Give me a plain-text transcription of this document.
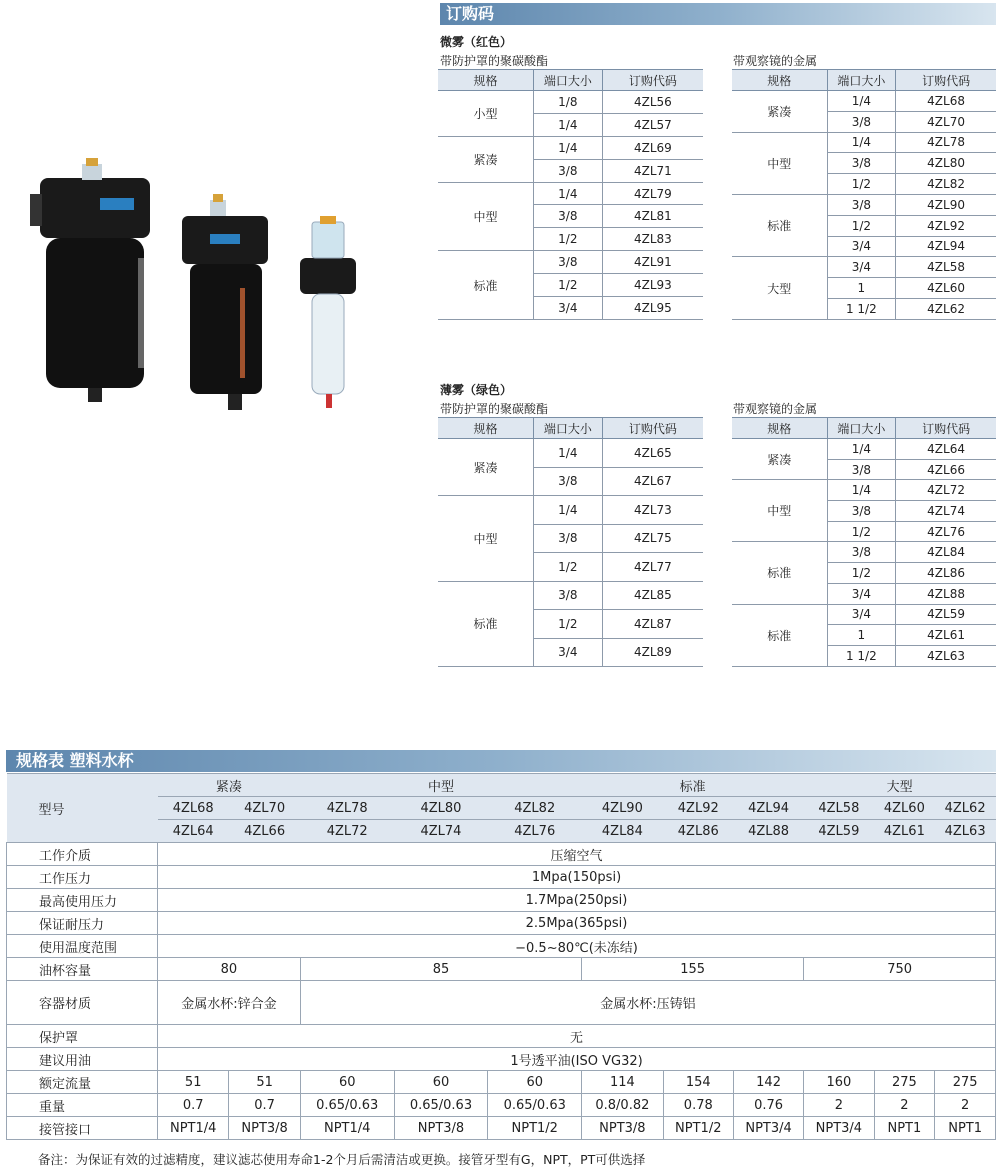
订购码
微雾（红色）
带防护罩的聚碳酸酯	带观察镜的金属
规格	端口大小	订购代码
小型	1/8	4ZL56
	1/4	4ZL57
紧凑	1/4	4ZL69
	3/8	4ZL71
中型	1/4	4ZL79
	3/8	4ZL81
	1/2	4ZL83
标准	3/8	4ZL91
	1/2	4ZL93
	3/4	4ZL95
规格	端口大小	订购代码
紧凑	1/4	4ZL68
	3/8	4ZL70
中型	1/4	4ZL78
	3/8	4ZL80
	1/2	4ZL82
标准	3/8	4ZL90
	1/2	4ZL92
	3/4	4ZL94
大型	3/4	4ZL58
	1	4ZL60
	1 1/2	4ZL62
薄雾（绿色）
带防护罩的聚碳酸酯	带观察镜的金属
规格	端口大小	订购代码
紧凑	1/4	4ZL65
	3/8	4ZL67
中型	1/4	4ZL73
	3/8	4ZL75
	1/2	4ZL77
标准	3/8	4ZL85
	1/2	4ZL87
	3/4	4ZL89
规格	端口大小	订购代码
紧凑	1/4	4ZL64
	3/8	4ZL66
中型	1/4	4ZL72
	3/8	4ZL74
	1/2	4ZL76
标准	3/8	4ZL84
	1/2	4ZL86
	3/4	4ZL88
标准	3/4	4ZL59
	1	4ZL61
	1 1/2	4ZL63
规格表 塑料水杯
型号	紧凑		中型			标准			大型		
	4ZL68	4ZL70	4ZL78	4ZL80	4ZL82	4ZL90	4ZL92	4ZL94	4ZL58	4ZL60	4ZL62
	4ZL64	4ZL66	4ZL72	4ZL74	4ZL76	4ZL84	4ZL86	4ZL88	4ZL59	4ZL61	4ZL63
工作介质	压缩空气										
工作压力	1Mpa(150psi)										
最高使用压力	1.7Mpa(250psi)										
保证耐压力	2.5Mpa(365psi)										
使用温度范围	−0.5~80℃(未冻结)										
油杯容量	80		85			155			750		
容器材质	金属水杯:锌合金		金属水杯:压铸铝								
保护罩	无										
建议用油	1号透平油(ISO VG32)										
额定流量	51	51	60	60	60	114	154	142	160	275	275
重量	0.7	0.7	0.65/0.63	0.65/0.63	0.65/0.63	0.8/0.82	0.78	0.76	2	2	2
接管接口	NPT1/4	NPT3/8	NPT1/4	NPT3/8	NPT1/2	NPT3/8	NPT1/2	NPT3/4	NPT3/4	NPT1	NPT1
备注：为保证有效的过滤精度，建议滤芯使用寿命1-2个月后需清洁或更换。接管牙型有G，NPT，PT可供选择
